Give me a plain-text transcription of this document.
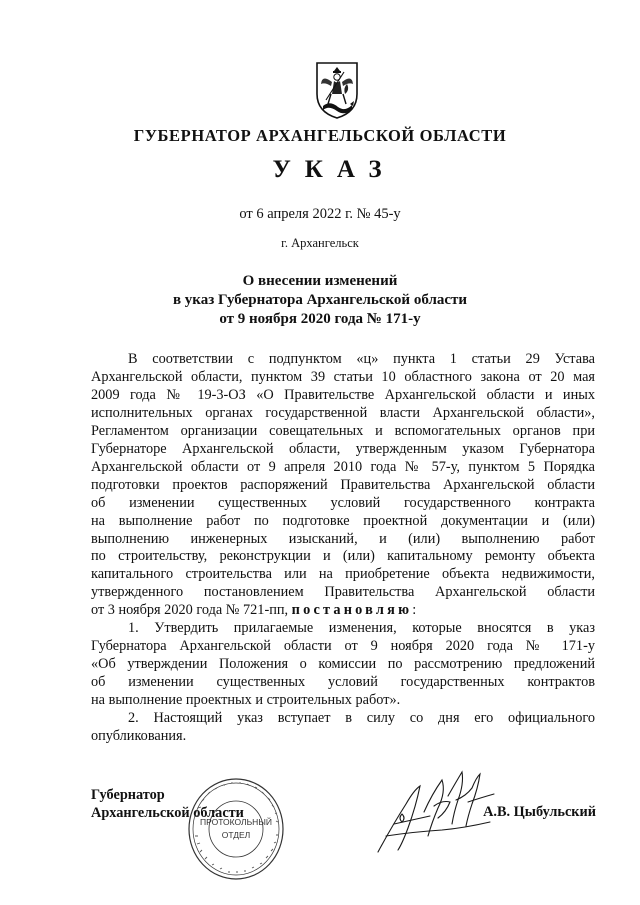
ГУБЕРНАТОР АРХАНГЕЛЬСКОЙ ОБЛАСТИ
УКАЗ
от 6 апреля 2022 г. № 45-у
г. Архангельск
О внесении изменений
в указ Губернатора Архангельской области
от 9 ноября 2020 года № 171-у
В соответствии с подпунктом «ц» пункта 1 статьи 29 Устава
Архангельской области, пунктом 39 статьи 10 областного закона от 20 мая
2009 года № 19-3-ОЗ «О Правительстве Архангельской области и иных
исполнительных органах государственной власти Архангельской области»,
Регламентом организации совещательных и вспомогательных органов при
Губернаторе Архангельской области, утвержденным указом Губернатора
Архангельской области от 9 апреля 2010 года № 57-у, пунктом 5 Порядка
подготовки проектов распоряжений Правительства Архангельской области
об изменении существенных условий государственного контракта
на выполнение работ по подготовке проектной документации и (или)
выполнению инженерных изысканий, и (или) выполнению работ
по строительству, реконструкции и (или) капитальному ремонту объекта
капитального строительства или на приобретение объекта недвижимости,
утвержденного постановлением Правительства Архангельской области
от 3 ноября 2020 года № 721-пп, постановляю:
1. Утвердить прилагаемые изменения, которые вносятся в указ
Губернатора Архангельской области от 9 ноября 2020 года № 171-у
«Об утверждении Положения о комиссии по рассмотрению предложений
об изменении существенных условий государственных контрактов
на выполнение проектных и строительных работ».
2. Настоящий указ вступает в силу со дня его официального
опубликования.
Губернатор
Архангельской области
ПРОТОКОЛЬНЫЙ
ОТДЕЛ
А.В. Цыбульский
